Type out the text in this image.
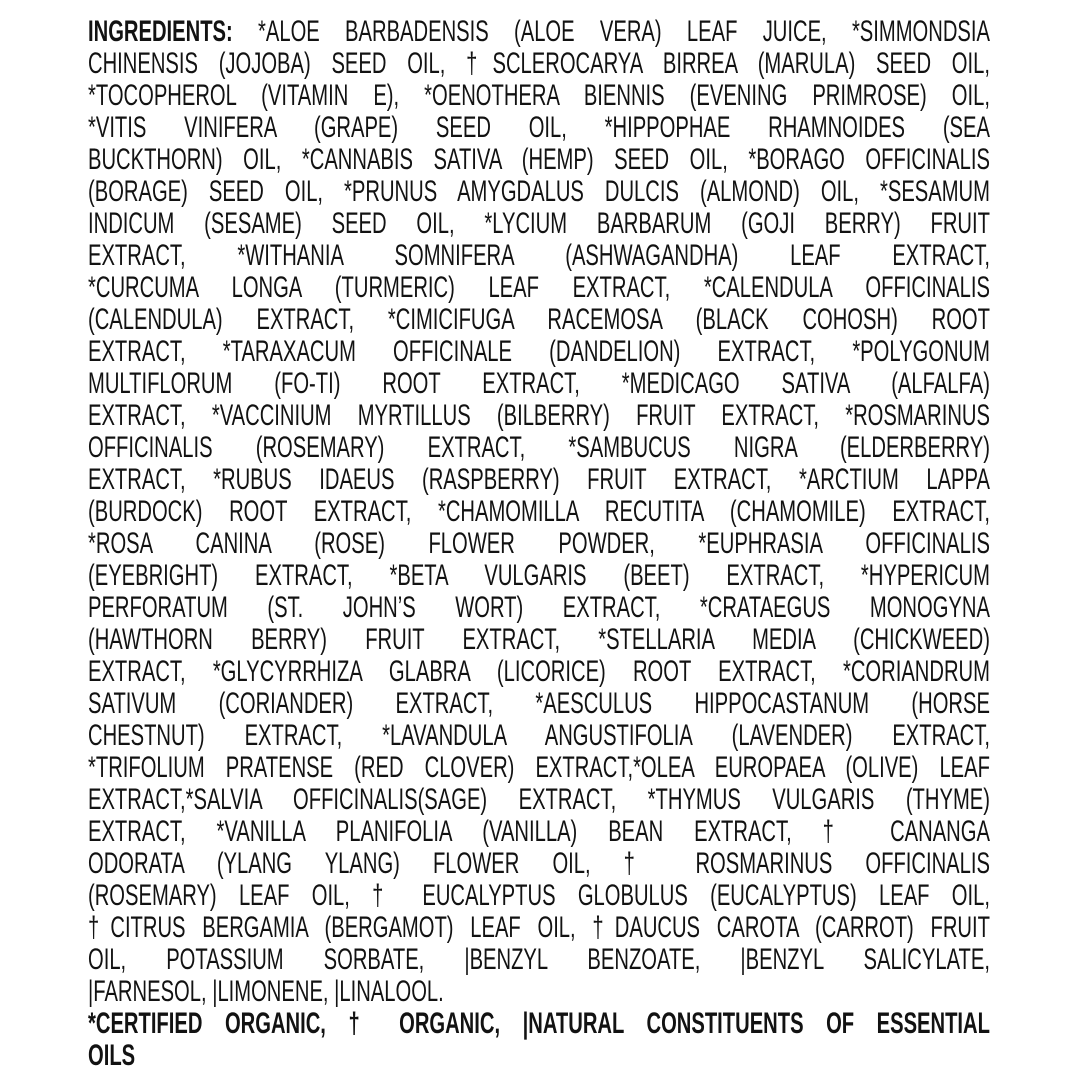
INGREDIENTS: *ALOE BARBADENSIS (ALOE VERA) LEAF JUICE, *SIMMONDSIA
CHINENSIS (JOJOBA) SEED OIL, †SCLEROCARYA BIRREA (MARULA) SEED OIL,
*TOCOPHEROL (VITAMIN E), *OENOTHERA BIENNIS (EVENING PRIMROSE) OIL,
*VITIS VINIFERA (GRAPE) SEED OIL, *HIPPOPHAE RHAMNOIDES (SEA
BUCKTHORN) OIL, *CANNABIS SATIVA (HEMP) SEED OIL, *BORAGO OFFICINALIS
(BORAGE) SEED OIL, *PRUNUS AMYGDALUS DULCIS (ALMOND) OIL, *SESAMUM
INDICUM (SESAME) SEED OIL, *LYCIUM BARBARUM (GOJI BERRY) FRUIT
EXTRACT, *WITHANIA SOMNIFERA (ASHWAGANDHA) LEAF EXTRACT,
*CURCUMA LONGA (TURMERIC) LEAF EXTRACT, *CALENDULA OFFICINALIS
(CALENDULA) EXTRACT, *CIMICIFUGA RACEMOSA (BLACK COHOSH) ROOT
EXTRACT, *TARAXACUM OFFICINALE (DANDELION) EXTRACT, *POLYGONUM
MULTIFLORUM (FO-TI) ROOT EXTRACT, *MEDICAGO SATIVA (ALFALFA)
EXTRACT, *VACCINIUM MYRTILLUS (BILBERRY) FRUIT EXTRACT, *ROSMARINUS
OFFICINALIS (ROSEMARY) EXTRACT, *SAMBUCUS NIGRA (ELDERBERRY)
EXTRACT, *RUBUS IDAEUS (RASPBERRY) FRUIT EXTRACT, *ARCTIUM LAPPA
(BURDOCK) ROOT EXTRACT, *CHAMOMILLA RECUTITA (CHAMOMILE) EXTRACT,
*ROSA CANINA (ROSE) FLOWER POWDER, *EUPHRASIA OFFICINALIS
(EYEBRIGHT) EXTRACT, *BETA VULGARIS (BEET) EXTRACT, *HYPERICUM
PERFORATUM (ST. JOHN’S WORT) EXTRACT, *CRATAEGUS MONOGYNA
(HAWTHORN BERRY) FRUIT EXTRACT, *STELLARIA MEDIA (CHICKWEED)
EXTRACT, *GLYCYRRHIZA GLABRA (LICORICE) ROOT EXTRACT, *CORIANDRUM
SATIVUM (CORIANDER) EXTRACT, *AESCULUS HIPPOCASTANUM (HORSE
CHESTNUT) EXTRACT, *LAVANDULA ANGUSTIFOLIA (LAVENDER) EXTRACT,
*TRIFOLIUM PRATENSE (RED CLOVER) EXTRACT,*OLEA EUROPAEA (OLIVE) LEAF
EXTRACT,*SALVIA OFFICINALIS(SAGE) EXTRACT, *THYMUS VULGARIS (THYME)
EXTRACT, *VANILLA PLANIFOLIA (VANILLA) BEAN EXTRACT, † CANANGA
ODORATA (YLANG YLANG) FLOWER OIL, † ROSMARINUS OFFICINALIS
(ROSEMARY) LEAF OIL, † EUCALYPTUS GLOBULUS (EUCALYPTUS) LEAF OIL,
†CITRUS BERGAMIA (BERGAMOT) LEAF OIL, †DAUCUS CAROTA (CARROT) FRUIT
OIL, POTASSIUM SORBATE, |BENZYL BENZOATE, |BENZYL SALICYLATE,
|FARNESOL, |LIMONENE, |LINALOOL.
*CERTIFIED ORGANIC, † ORGANIC, |NATURAL CONSTITUENTS OF ESSENTIAL
OILS
